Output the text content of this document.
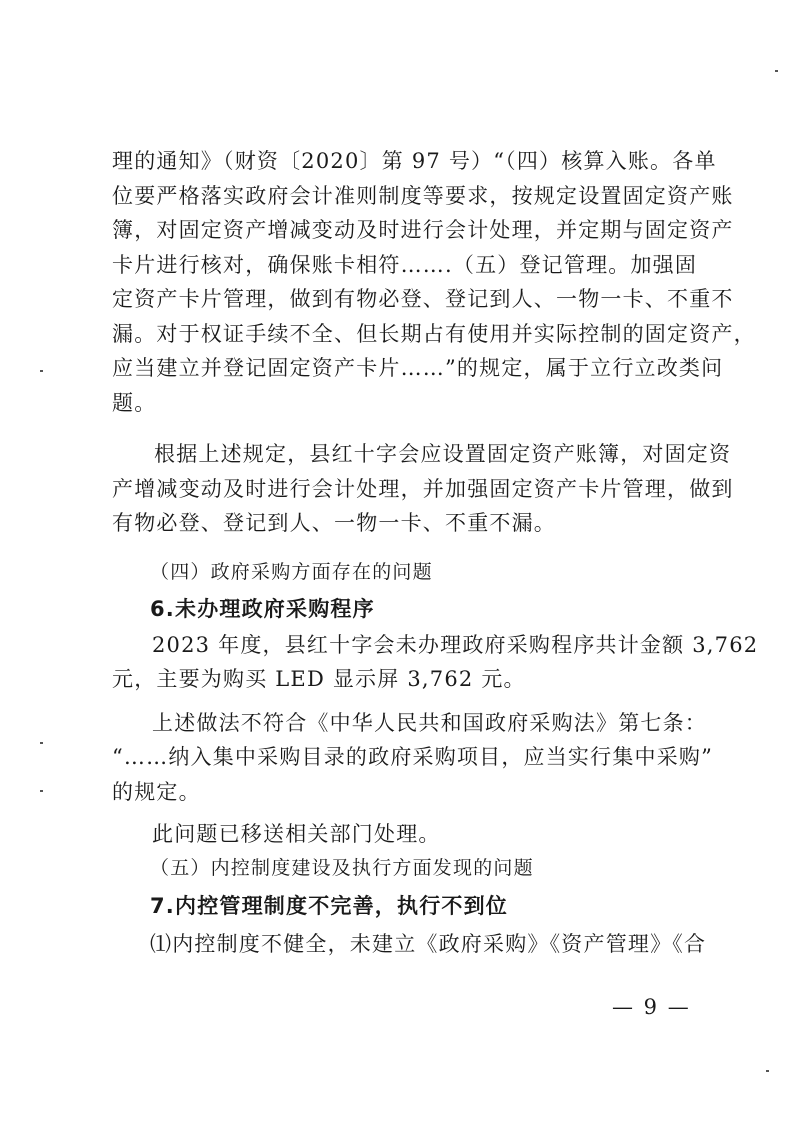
理的通知》（财资〔2020〕第 97 号）“（四）核算入账。各单
位要严格落实政府会计准则制度等要求，按规定设置固定资产账
簿，对固定资产增减变动及时进行会计处理，并定期与固定资产
卡片进行核对，确保账卡相符…….（五）登记管理。加强固
定资产卡片管理，做到有物必登、登记到人、一物一卡、不重不
漏。对于权证手续不全、但长期占有使用并实际控制的固定资产，
应当建立并登记固定资产卡片……”的规定，属于立行立改类问
题。
根据上述规定，县红十字会应设置固定资产账簿，对固定资
产增减变动及时进行会计处理，并加强固定资产卡片管理，做到
有物必登、登记到人、一物一卡、不重不漏。
（四）政府采购方面存在的问题
6.未办理政府采购程序
2023 年度，县红十字会未办理政府采购程序共计金额 3,762
元，主要为购买 LED 显示屏 3,762 元。
上述做法不符合《中华人民共和国政府采购法》第七条：
“……纳入集中采购目录的政府采购项目，应当实行集中采购”
的规定。
此问题已移送相关部门处理。
（五）内控制度建设及执行方面发现的问题
7.内控管理制度不完善，执行不到位
⑴内控制度不健全，未建立《政府采购》《资产管理》《合
— 9 —
